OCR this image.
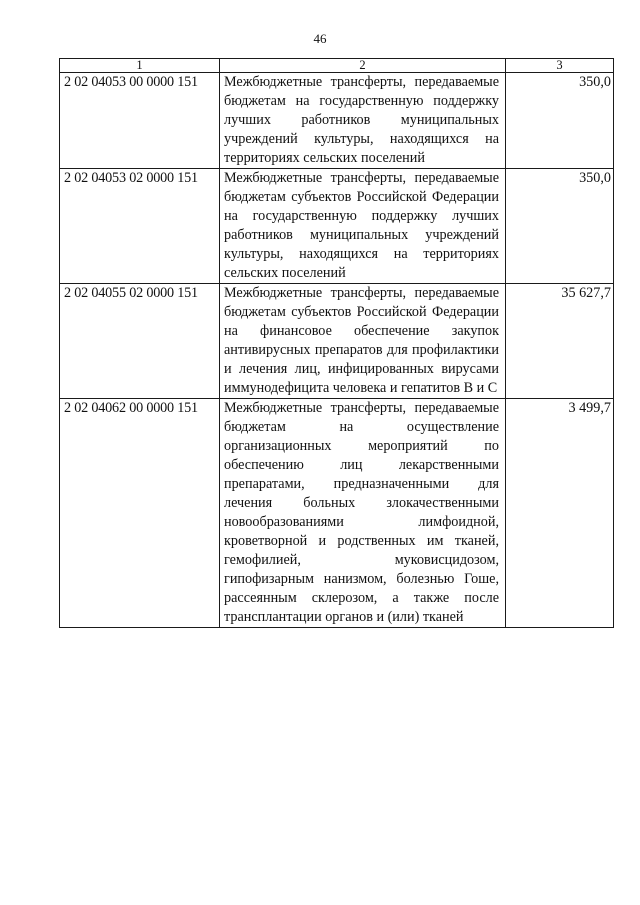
46
1	2	3
2 02 04053 00 0000 151	Межбюджетные трансферты, передаваемые бюджетам на государственную поддержку лучших работников муниципальных учреждений культуры, находящихся на территориях сельских поселений	350,0
2 02 04053 02 0000 151	Межбюджетные трансферты, передаваемые бюджетам субъектов Российской Федерации на государственную поддержку лучших работников муниципальных учреждений культуры, находящихся на территориях сельских поселений	350,0
2 02 04055 02 0000 151	Межбюджетные трансферты, передаваемые бюджетам субъектов Российской Федерации на финансовое обеспечение закупок антивирусных препаратов для профилактики и лечения лиц, инфицированных вирусами иммунодефицита человека и гепатитов В и С	35 627,7
2 02 04062 00 0000 151	Межбюджетные трансферты, передаваемые бюджетам на осуществление организационных мероприятий по обеспечению лиц лекарственными препаратами, предназначенными для лечения больных злокачественными новообразованиями лимфоидной, кроветворной и родственных им тканей, гемофилией, муковисцидозом, гипофизарным нанизмом, болезнью Гоше, рассеянным склерозом, а также после трансплантации органов и (или) тканей	3 499,7
